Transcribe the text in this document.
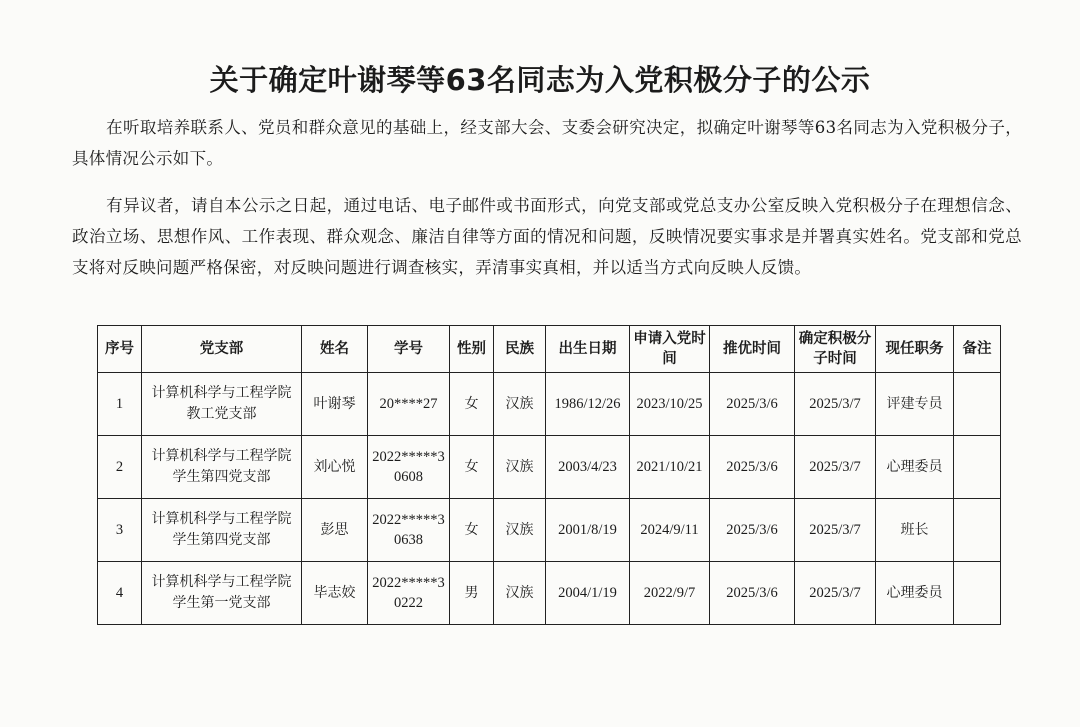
关于确定叶谢琴等63名同志为入党积极分子的公示
在听取培养联系人、党员和群众意见的基础上，经支部大会、支委会研究决定，拟确定叶谢琴等63名同志为入党积极分子，具体情况公示如下。
有异议者，请自本公示之日起，通过电话、电子邮件或书面形式，向党支部或党总支办公室反映入党积极分子在理想信念、政治立场、思想作风、工作表现、群众观念、廉洁自律等方面的情况和问题，反映情况要实事求是并署真实姓名。党支部和党总支将对反映问题严格保密，对反映问题进行调查核实，弄清事实真相，并以适当方式向反映人反馈。
序号	党支部	姓名	学号	性别	民族	出生日期	申请入党时间	推优时间	确定积极分子时间	现任职务	备注
1	计算机科学与工程学院教工党支部	叶谢琴	20****27	女	汉族	1986/12/26	2023/10/25	2025/3/6	2025/3/7	评建专员	
2	计算机科学与工程学院学生第四党支部	刘心悦	2022*****30608	女	汉族	2003/4/23	2021/10/21	2025/3/6	2025/3/7	心理委员	
3	计算机科学与工程学院学生第四党支部	彭思	2022*****30638	女	汉族	2001/8/19	2024/9/11	2025/3/6	2025/3/7	班长	
4	计算机科学与工程学院学生第一党支部	毕志姣	2022*****30222	男	汉族	2004/1/19	2022/9/7	2025/3/6	2025/3/7	心理委员	
